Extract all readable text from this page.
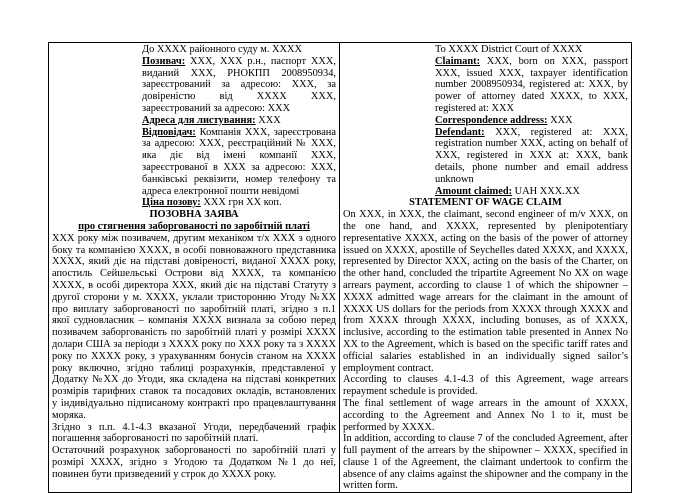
До ХХХХ районного суду м. ХХХХ

Позивач: ХХХ, ХХХ р.н., паспорт ХХХ, виданий ХХХ, РНОКПП 2008950934, зареєстрований за адресою: ХХХ, за довіреністю від ХХХХ ХХХ, зареєстрований за адресою: ХХХ

Адреса для листування: ХХХ

Відповідач: Компанія ХХХ, зареєстрована за адресою: ХХХ, реєстраційний № ХХХ, яка діє від імені компанії ХХХ, зареєстрованої в ХХХ за адресою: ХХХ, банківські реквізити, номер телефону та адреса електронної пошти невідомі

Ціна позову: ХХХ грн ХХ коп.

ПОЗОВНА ЗАЯВА

про стягнення заборгованості по заробітній платі

ХХХ року між позивачем, другим механіком т/х ХХХ з одного боку та компанією ХХХХ, в особі повноважного представника ХХХХ, який діє на підставі довіреності, виданої ХХХХ року, апостиль Сейшельські Острови від ХХХХ, та компанією ХХХХ, в особі директора ХХХ, який діє на підставі Статуту з другої сторони у м. ХХХХ, уклали тристоронню Угоду №ХХ про виплату заборгованості по заробітній платі, згідно з п.1 якої судновласник – компанія ХХХХ визнала за собою перед позивачем заборгованість по заробітній платі у розмірі ХХХХ долари США за періоди з ХХХХ року по ХХХ року та з ХХХХ року по ХХХХ року, з урахуванням бонусів станом на ХХХХ року включно, згідно таблиці розрахунків, представленої у Додатку №ХХ до Угоди, яка складена на підставі конкретних розмірів тарифних ставок та посадових окладів, встановлених у індивідуально підписаному контракті про працевлаштування моряка.

Згідно з п.п. 4.1-4.3 вказаної Угоди, передбачений графік погашення заборгованості по заробітній платі.

Остаточний розрахунок заборгованості по заробітній платі у розмірі ХХХХ, згідно з Угодою та Додатком №1 до неї, повинен бути призведений у строк до ХХХХ року.

To XXXX District Court of XXXX

Claimant: XXX, born on XXX, passport XXX, issued XXX, taxpayer identification number 2008950934, registered at: XXX, by power of attorney dated XXXX, to XXX, registered at: XXX

Correspondence address: XXX

Defendant: XXX, registered at: XXX, registration number XXX, acting on behalf of XXX, registered in XXX at: XXX, bank details, phone number and email address unknown

Amount claimed: UAH XXX.XX

STATEMENT OF WAGE CLAIM

On XXX, in XXX, the claimant, second engineer of m/v XXX, on the one hand, and XXXX, represented by plenipotentiary representative XXXX, acting on the basis of the power of attorney issued on XXXX, apostille of Seychelles dated XXXX, and XXXX, represented by Director XXX, acting on the basis of the Charter, on the other hand, concluded the tripartite Agreement No XX on wage arrears payment, according to clause 1 of which the shipowner – XXXX admitted wage arrears for the claimant in the amount of XXXX US dollars for the periods from XXXX through XXXX and from XXXX through XXXX, including bonuses, as of XXXX, inclusive, according to the estimation table presented in Annex No XX to the Agreement, which is based on the specific tariff rates and official salaries established in an individually signed sailor’s employment contract.

According to clauses 4.1-4.3 of this Agreement, wage arrears repayment schedule is provided.

The final settlement of wage arrears in the amount of XXXX, according to the Agreement and Annex No 1 to it, must be performed by XXXX.

In addition, according to clause 7 of the concluded Agreement, after full payment of the arrears by the shipowner – XXXX, specified in clause 1 of the Agreement, the claimant undertook to confirm the absence of any claims against the shipowner and the company in the written form.
